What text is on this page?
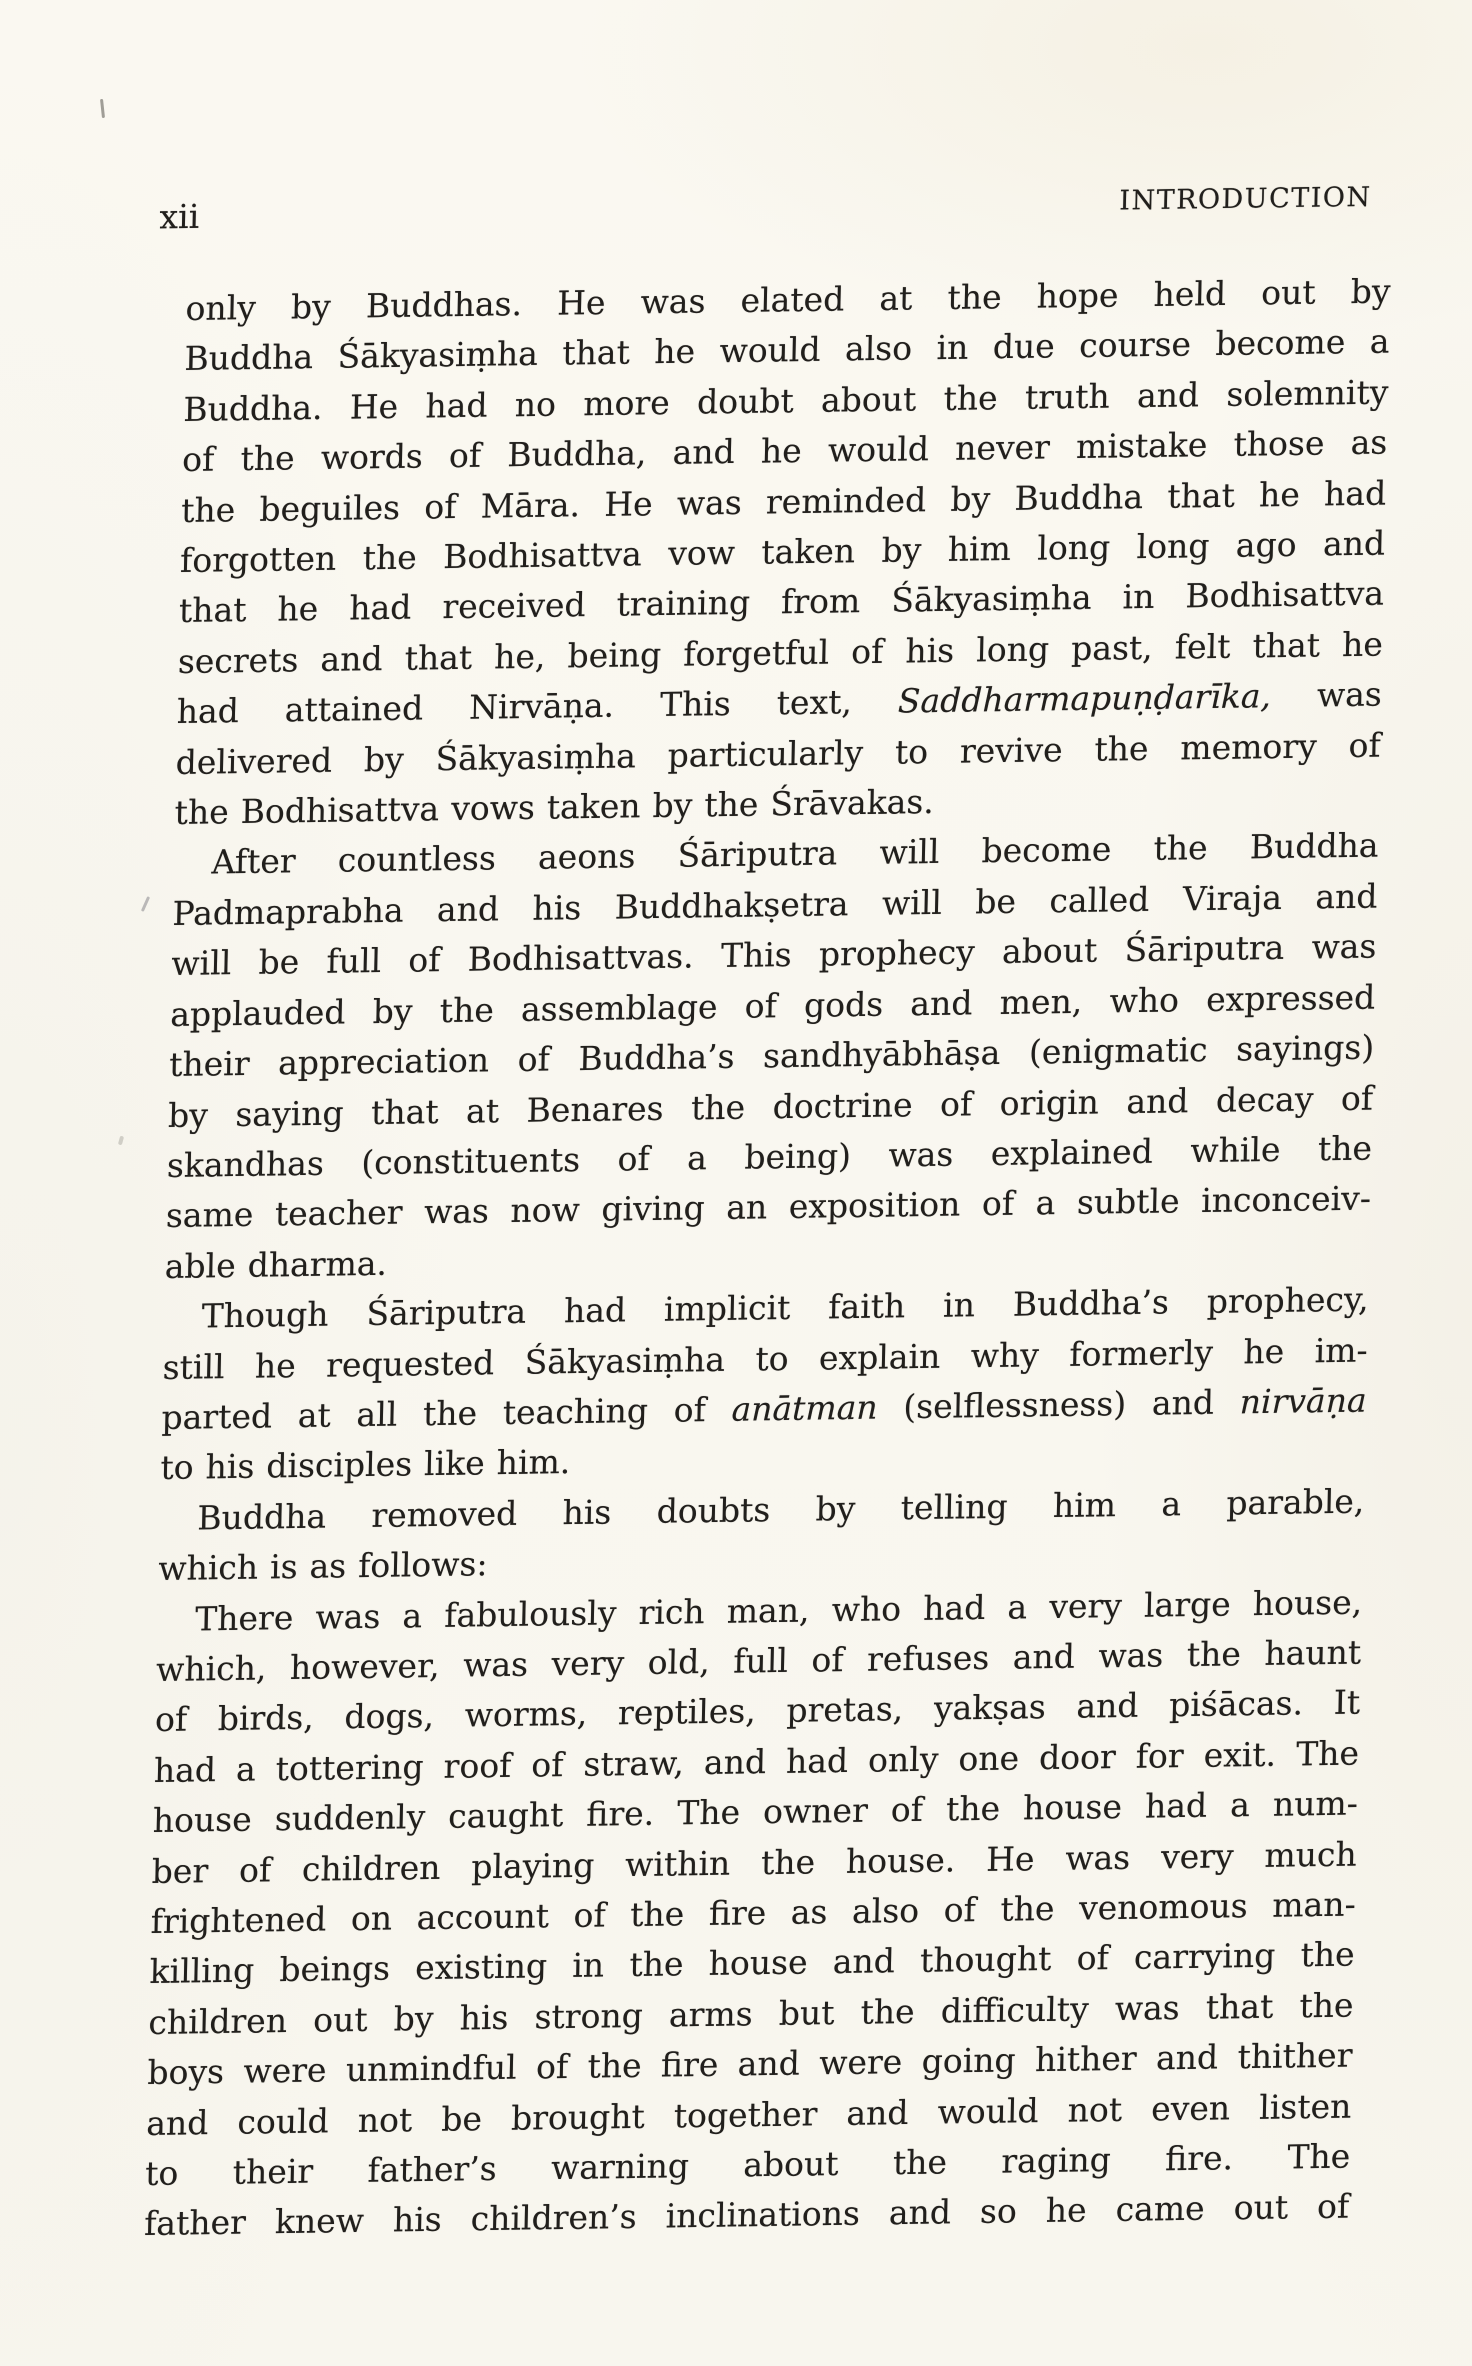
xii	INTRODUCTION
only by Buddhas. He was elated at the hope held out by
Buddha Śākyasiṃha that he would also in due course become a
Buddha. He had no more doubt about the truth and solemnity
of the words of Buddha, and he would never mistake those as
the beguiles of Māra. He was reminded by Buddha that he had
forgotten the Bodhisattva vow taken by him long long ago and
that he had received training from Śākyasiṃha in Bodhisattva
secrets and that he, being forgetful of his long past, felt that he
had attained Nirvāṇa. This text, Saddharmapuṇḍarīka, was
delivered by Śākyasiṃha particularly to revive the memory of
the Bodhisattva vows taken by the Śrāvakas.
After countless aeons Śāriputra will become the Buddha
Padmaprabha and his Buddhakṣetra will be called Viraja and
will be full of Bodhisattvas. This prophecy about Śāriputra was
applauded by the assemblage of gods and men, who expressed
their appreciation of Buddha’s sandhyābhāṣa (enigmatic sayings)
by saying that at Benares the doctrine of origin and decay of
skandhas (constituents of a being) was explained while the
same teacher was now giving an exposition of a subtle inconceiv-
able dharma.
Though Śāriputra had implicit faith in Buddha’s prophecy,
still he requested Śākyasiṃha to explain why formerly he im-
parted at all the teaching of anātman (selflessness) and nirvāṇa
to his disciples like him.
Buddha removed his doubts by telling him a parable,
which is as follows:
There was a fabulously rich man, who had a very large house,
which, however, was very old, full of refuses and was the haunt
of birds, dogs, worms, reptiles, pretas, yakṣas and piśācas. It
had a tottering roof of straw, and had only one door for exit. The
house suddenly caught fire. The owner of the house had a num-
ber of children playing within the house. He was very much
frightened on account of the fire as also of the venomous man-
killing beings existing in the house and thought of carrying the
children out by his strong arms but the difficulty was that the
boys were unmindful of the fire and were going hither and thither
and could not be brought together and would not even listen
to their father’s warning about the raging fire. The
father knew his children’s inclinations and so he came out of
